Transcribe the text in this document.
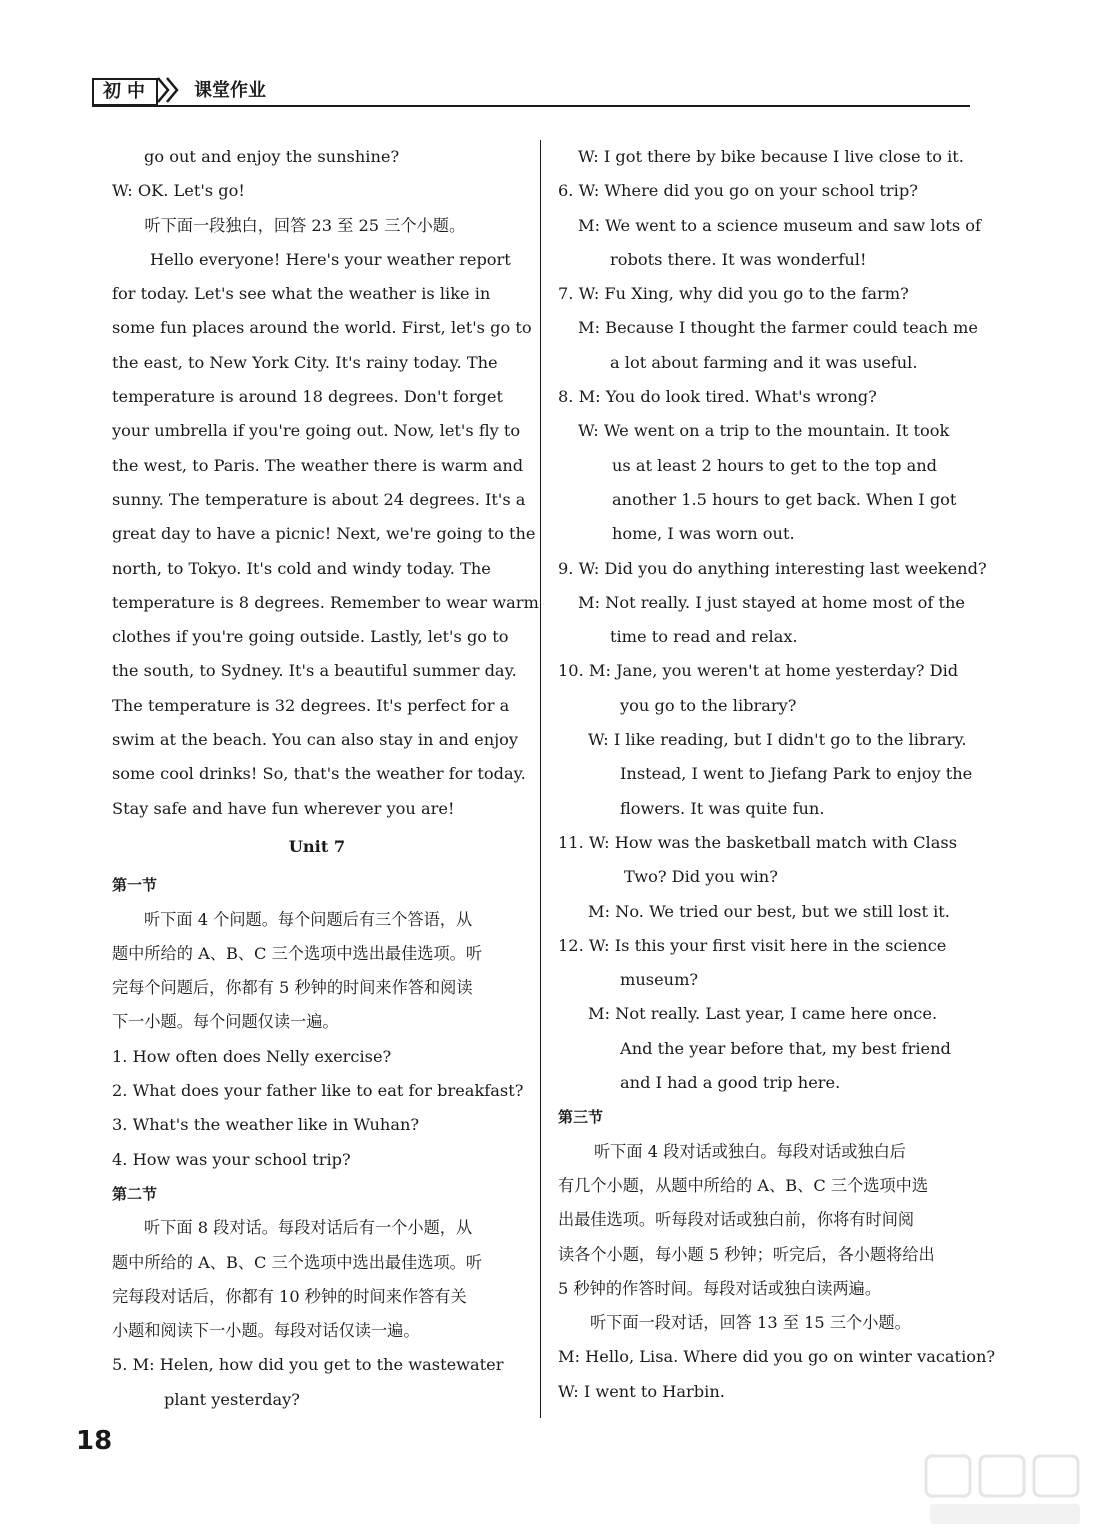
初中	课堂作业

go out and enjoy the sunshine?

W: OK. Let's go!

听下面一段独白，回答 23 至 25 三个小题。

Hello everyone! Here's your weather report
for today. Let's see what the weather is like in
some fun places around the world. First, let's go to
the east, to New York City. It's rainy today. The
temperature is around 18 degrees. Don't forget
your umbrella if you're going out. Now, let's fly to
the west, to Paris. The weather there is warm and
sunny. The temperature is about 24 degrees. It's a
great day to have a picnic! Next, we're going to the
north, to Tokyo. It's cold and windy today. The
temperature is 8 degrees. Remember to wear warm
clothes if you're going outside. Lastly, let's go to
the south, to Sydney. It's a beautiful summer day.
The temperature is 32 degrees. It's perfect for a
swim at the beach. You can also stay in and enjoy
some cool drinks! So, that's the weather for today.
Stay safe and have fun wherever you are!

Unit 7

第一节

听下面 4 个问题。每个问题后有三个答语，从
题中所给的 A、B、C 三个选项中选出最佳选项。听
完每个问题后，你都有 5 秒钟的时间来作答和阅读
下一小题。每个问题仅读一遍。
1. How often does Nelly exercise?
2. What does your father like to eat for breakfast?
3. What's the weather like in Wuhan?
4. How was your school trip?

第二节

听下面 8 段对话。每段对话后有一个小题，从
题中所给的 A、B、C 三个选项中选出最佳选项。听
完每段对话后，你都有 10 秒钟的时间来作答有关
小题和阅读下一小题。每段对话仅读一遍。
5. M: Helen, how did you get to the wastewater
plant yesterday?
W: I got there by bike because I live close to it.
6. W: Where did you go on your school trip?
M: We went to a science museum and saw lots of
robots there. It was wonderful!
7. W: Fu Xing, why did you go to the farm?
M: Because I thought the farmer could teach me
a lot about farming and it was useful.
8. M: You do look tired. What's wrong?
W: We went on a trip to the mountain. It took
us at least 2 hours to get to the top and
another 1.5 hours to get back. When I got
home, I was worn out.
9. W: Did you do anything interesting last weekend?
M: Not really. I just stayed at home most of the
time to read and relax.
10. M: Jane, you weren't at home yesterday? Did
you go to the library?
W: I like reading, but I didn't go to the library.
Instead, I went to Jiefang Park to enjoy the
flowers. It was quite fun.
11. W: How was the basketball match with Class
Two? Did you win?
M: No. We tried our best, but we still lost it.
12. W: Is this your first visit here in the science
museum?
M: Not really. Last year, I came here once.
And the year before that, my best friend
and I had a good trip here.

第三节

听下面 4 段对话或独白。每段对话或独白后
有几个小题，从题中所给的 A、B、C 三个选项中选
出最佳选项。听每段对话或独白前，你将有时间阅
读各个小题，每小题 5 秒钟；听完后，各小题将给出
5 秒钟的作答时间。每段对话或独白读两遍。
听下面一段对话，回答 13 至 15 三个小题。
M: Hello, Lisa. Where did you go on winter vacation?
W: I went to Harbin.
18
